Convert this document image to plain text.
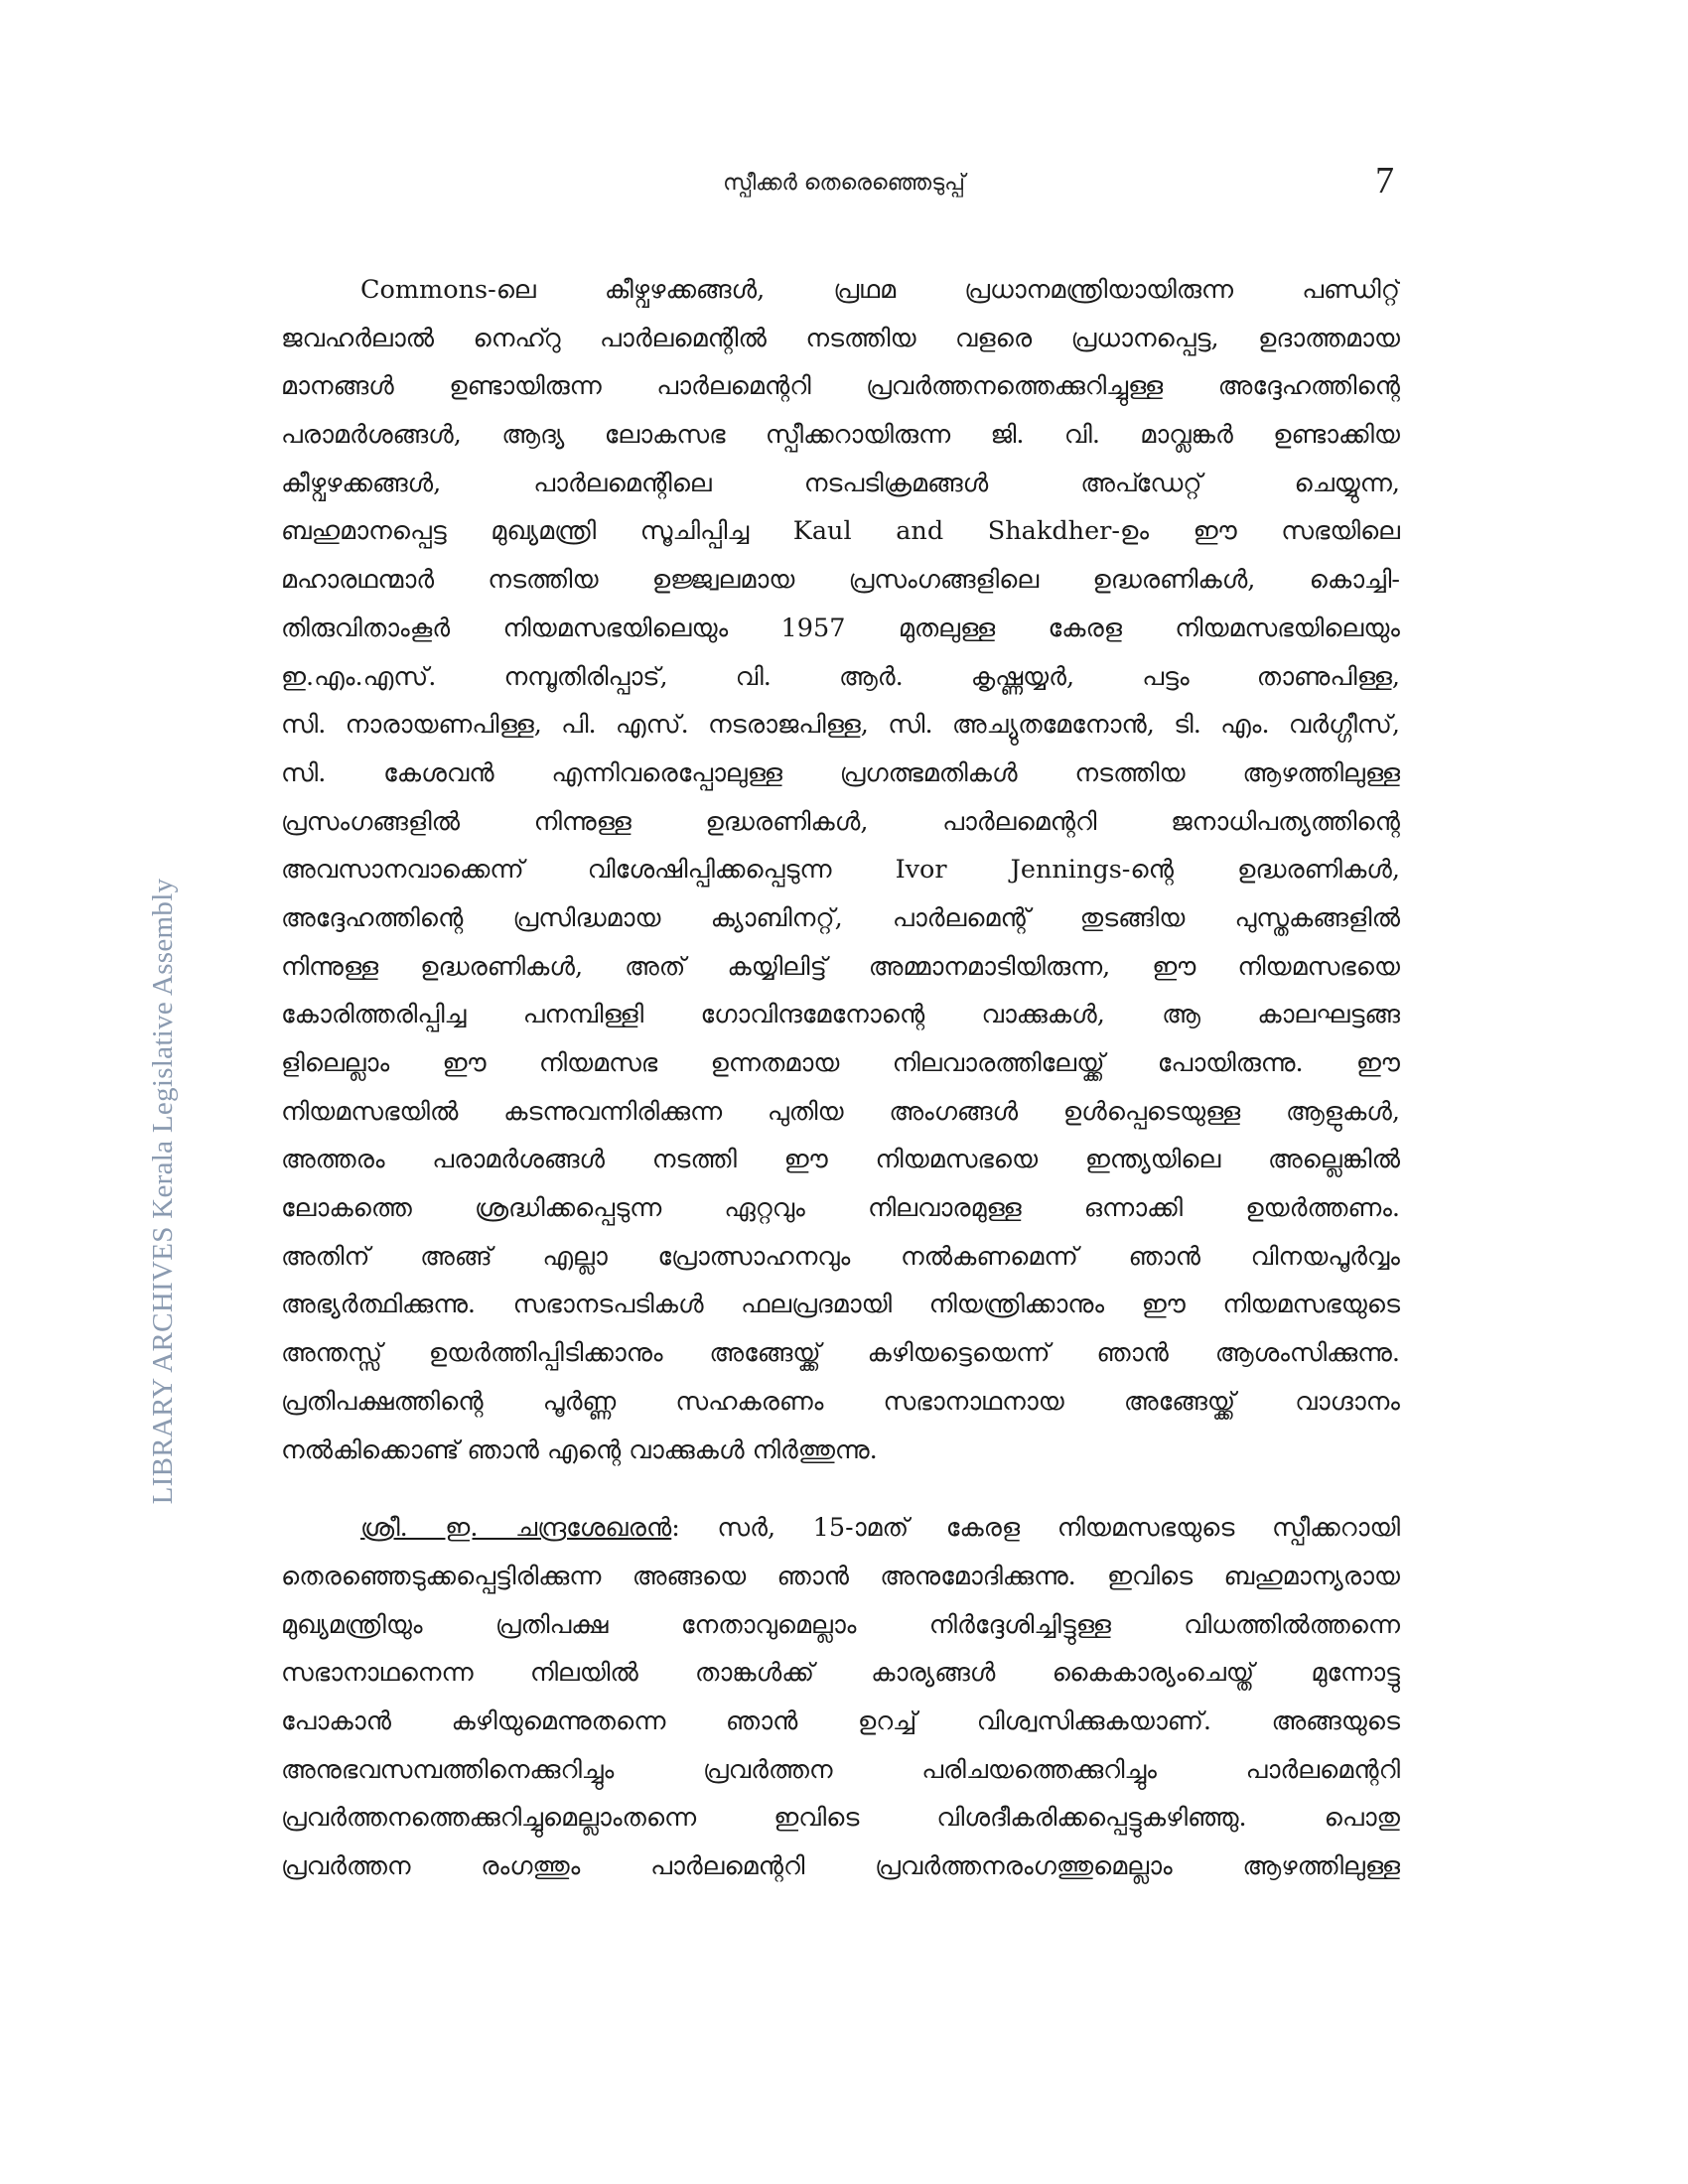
സ്പീക്കർ തെരെഞ്ഞെടുപ്പ്	7
LIBRARY ARCHIVES Kerala Legislative Assembly
Commons-ലെ കീഴ്വഴക്കങ്ങൾ, പ്രഥമ പ്രധാനമന്ത്രിയായിരുന്ന പണ്ഡിറ്റ്
ജവഹർലാൽ നെഹ്റു പാർലമെന്റിൽ നടത്തിയ വളരെ പ്രധാനപ്പെട്ട, ഉദാത്തമായ
മാനങ്ങൾ ഉണ്ടായിരുന്ന പാർലമെന്ററി പ്രവർത്തനത്തെക്കുറിച്ചുള്ള അദ്ദേഹത്തിന്റെ
പരാമർശങ്ങൾ, ആദ്യ ലോകസഭ സ്പീക്കറായിരുന്ന ജി. വി. മാവ്ലങ്കർ ഉണ്ടാക്കിയ
കീഴ്വഴക്കങ്ങൾ, പാർലമെന്റിലെ നടപടിക്രമങ്ങൾ അപ്ഡേറ്റ് ചെയ്യുന്ന,
ബഹുമാനപ്പെട്ട മുഖ്യമന്ത്രി സൂചിപ്പിച്ച Kaul and Shakdher-ഉം ഈ സഭയിലെ
മഹാരഥന്മാർ നടത്തിയ ഉജ്ജ്വലമായ പ്രസംഗങ്ങളിലെ ഉദ്ധരണികൾ, കൊച്ചി-
തിരുവിതാംകൂർ നിയമസഭയിലെയും 1957 മുതലുള്ള കേരള നിയമസഭയിലെയും
ഇ.എം.എസ്. നമ്പൂതിരിപ്പാട്, വി. ആർ. കൃഷ്ണയ്യർ, പട്ടം താണുപിള്ള,
സി. നാരായണപിള്ള, പി. എസ്. നടരാജപിള്ള, സി. അച്യുതമേനോൻ, ടി. എം. വർഗ്ഗീസ്,
സി. കേശവൻ എന്നിവരെപ്പോലുള്ള പ്രഗത്ഭമതികൾ നടത്തിയ ആഴത്തിലുള്ള
പ്രസംഗങ്ങളിൽ നിന്നുള്ള ഉദ്ധരണികൾ, പാർലമെന്ററി ജനാധിപത്യത്തിന്റെ
അവസാനവാക്കെന്ന് വിശേഷിപ്പിക്കപ്പെടുന്ന Ivor Jennings-ന്റെ ഉദ്ധരണികൾ,
അദ്ദേഹത്തിന്റെ പ്രസിദ്ധമായ ക്യാബിനറ്റ്, പാർലമെന്റ് തുടങ്ങിയ പുസ്തകങ്ങളിൽ
നിന്നുള്ള ഉദ്ധരണികൾ, അത് കയ്യിലിട്ട് അമ്മാനമാടിയിരുന്ന, ഈ നിയമസഭയെ
കോരിത്തരിപ്പിച്ച പനമ്പിള്ളി ഗോവിന്ദമേനോന്റെ വാക്കുകൾ, ആ കാലഘട്ടങ്ങ
ളിലെല്ലാം ഈ നിയമസഭ ഉന്നതമായ നിലവാരത്തിലേയ്ക്ക് പോയിരുന്നു. ഈ
നിയമസഭയിൽ കടന്നുവന്നിരിക്കുന്ന പുതിയ അംഗങ്ങൾ ഉൾപ്പെടെയുള്ള ആളുകൾ,
അത്തരം പരാമർശങ്ങൾ നടത്തി ഈ നിയമസഭയെ ഇന്ത്യയിലെ അല്ലെങ്കിൽ
ലോകത്തെ ശ്രദ്ധിക്കപ്പെടുന്ന ഏറ്റവും നിലവാരമുള്ള ഒന്നാക്കി ഉയർത്തണം.
അതിന് അങ്ങ് എല്ലാ പ്രോത്സാഹനവും നൽകണമെന്ന് ഞാൻ വിനയപൂർവ്വം
അഭ്യർത്ഥിക്കുന്നു. സഭാനടപടികൾ ഫലപ്രദമായി നിയന്ത്രിക്കാനും ഈ നിയമസഭയുടെ
അന്തസ്സ് ഉയർത്തിപ്പിടിക്കാനും അങ്ങേയ്ക്ക് കഴിയട്ടെയെന്ന് ഞാൻ ആശംസിക്കുന്നു.
പ്രതിപക്ഷത്തിന്റെ പൂർണ്ണ സഹകരണം സഭാനാഥനായ അങ്ങേയ്ക്ക് വാഗ്ദാനം
നൽകിക്കൊണ്ട് ഞാൻ എന്റെ വാക്കുകൾ നിർത്തുന്നു.
ശ്രീ. ഇ. ചന്ദ്രശേഖരൻ: സർ, 15-ാമത് കേരള നിയമസഭയുടെ സ്പീക്കറായി
തെരഞ്ഞെടുക്കപ്പെട്ടിരിക്കുന്ന അങ്ങയെ ഞാൻ അനുമോദിക്കുന്നു. ഇവിടെ ബഹുമാന്യരായ
മുഖ്യമന്ത്രിയും പ്രതിപക്ഷ നേതാവുമെല്ലാം നിർദ്ദേശിച്ചിട്ടുള്ള വിധത്തിൽത്തന്നെ
സഭാനാഥനെന്ന നിലയിൽ താങ്കൾക്ക് കാര്യങ്ങൾ കൈകാര്യംചെയ്ത് മുന്നോട്ടു
പോകാൻ കഴിയുമെന്നുതന്നെ ഞാൻ ഉറച്ച് വിശ്വസിക്കുകയാണ്. അങ്ങയുടെ
അനുഭവസമ്പത്തിനെക്കുറിച്ചും പ്രവർത്തന പരിചയത്തെക്കുറിച്ചും പാർലമെന്ററി
പ്രവർത്തനത്തെക്കുറിച്ചുമെല്ലാംതന്നെ ഇവിടെ വിശദീകരിക്കപ്പെട്ടുകഴിഞ്ഞു. പൊതു
പ്രവർത്തന രംഗത്തും പാർലമെന്ററി പ്രവർത്തനരംഗത്തുമെല്ലാം ആഴത്തിലുള്ള
